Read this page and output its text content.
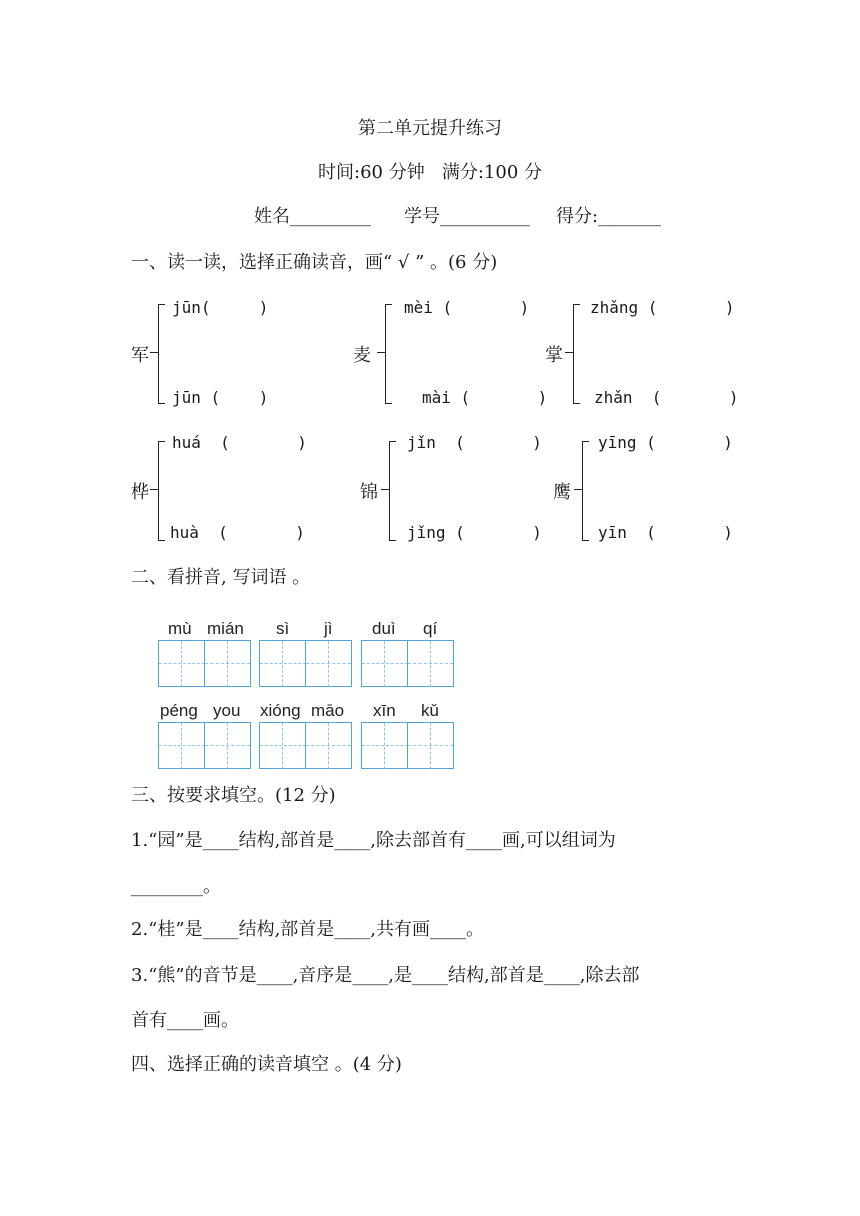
第二单元提升练习
时间:60 分钟   满分:100 分
姓名_________ 学号__________ 得分:_______
一、读一读，选择正确读音，画“ √ ” 。(6 分)
军
jūn(     )
jūn (    )
麦
mèi (       )
mài (       )
掌
zhǎng (       )
zhǎn  (       )
桦
huá  (       )
huà  (       )
锦
jǐn  (       )
jǐng (       )
鹰
yīng (       )
yīn  (       )
二、看拼音, 写词语 。
mù mián sì jì duì qí
péng you xióng māo xīn kǔ
三、按要求填空。(12 分)
1.“园”是____结构,部首是____,除去部首有____画,可以组词为
________。
2.“桂”是____结构,部首是____,共有画____。
3.“熊”的音节是____,音序是____,是____结构,部首是____,除去部
首有____画。
四、选择正确的读音填空 。(4 分)
